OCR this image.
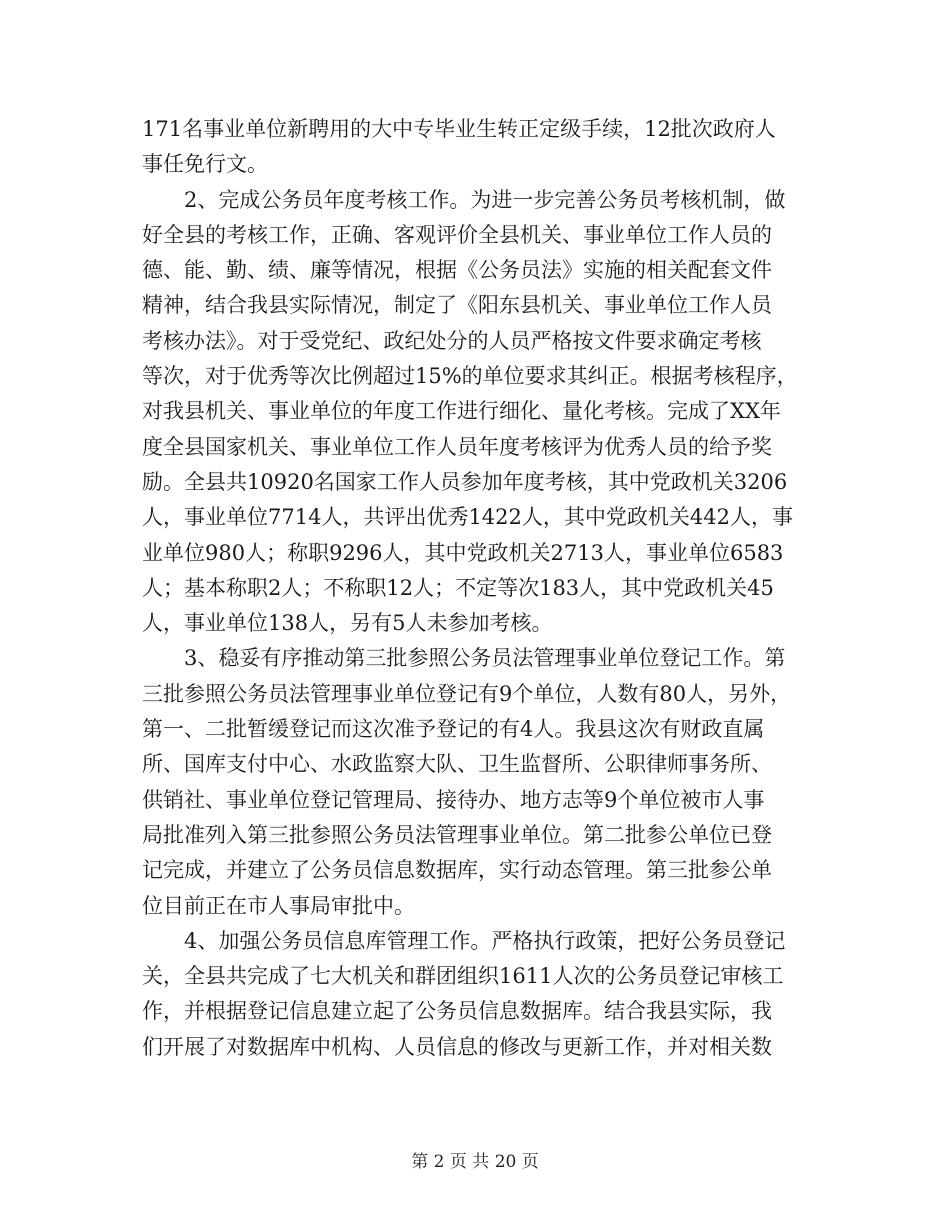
171名事业单位新聘用的大中专毕业生转正定级手续，12批次政府人
事任免行文。
2、完成公务员年度考核工作。为进一步完善公务员考核机制，做
好全县的考核工作，正确、客观评价全县机关、事业单位工作人员的
德、能、勤、绩、廉等情况，根据《公务员法》实施的相关配套文件
精神，结合我县实际情况，制定了《阳东县机关、事业单位工作人员
考核办法》。对于受党纪、政纪处分的人员严格按文件要求确定考核
等次，对于优秀等次比例超过15%的单位要求其纠正。根据考核程序，
对我县机关、事业单位的年度工作进行细化、量化考核。完成了XX年
度全县国家机关、事业单位工作人员年度考核评为优秀人员的给予奖
励。全县共10920名国家工作人员参加年度考核，其中党政机关3206
人，事业单位7714人，共评出优秀1422人，其中党政机关442人，事
业单位980人；称职9296人，其中党政机关2713人，事业单位6583
人；基本称职2人；不称职12人；不定等次183人，其中党政机关45
人，事业单位138人，另有5人未参加考核。
3、稳妥有序推动第三批参照公务员法管理事业单位登记工作。第
三批参照公务员法管理事业单位登记有9个单位，人数有80人，另外，
第一、二批暂缓登记而这次准予登记的有4人。我县这次有财政直属
所、国库支付中心、水政监察大队、卫生监督所、公职律师事务所、
供销社、事业单位登记管理局、接待办、地方志等9个单位被市人事
局批准列入第三批参照公务员法管理事业单位。第二批参公单位已登
记完成，并建立了公务员信息数据库，实行动态管理。第三批参公单
位目前正在市人事局审批中。
4、加强公务员信息库管理工作。严格执行政策，把好公务员登记
关，全县共完成了七大机关和群团组织1611人次的公务员登记审核工
作，并根据登记信息建立起了公务员信息数据库。结合我县实际，我
们开展了对数据库中机构、人员信息的修改与更新工作，并对相关数
第 2 页 共 20 页
